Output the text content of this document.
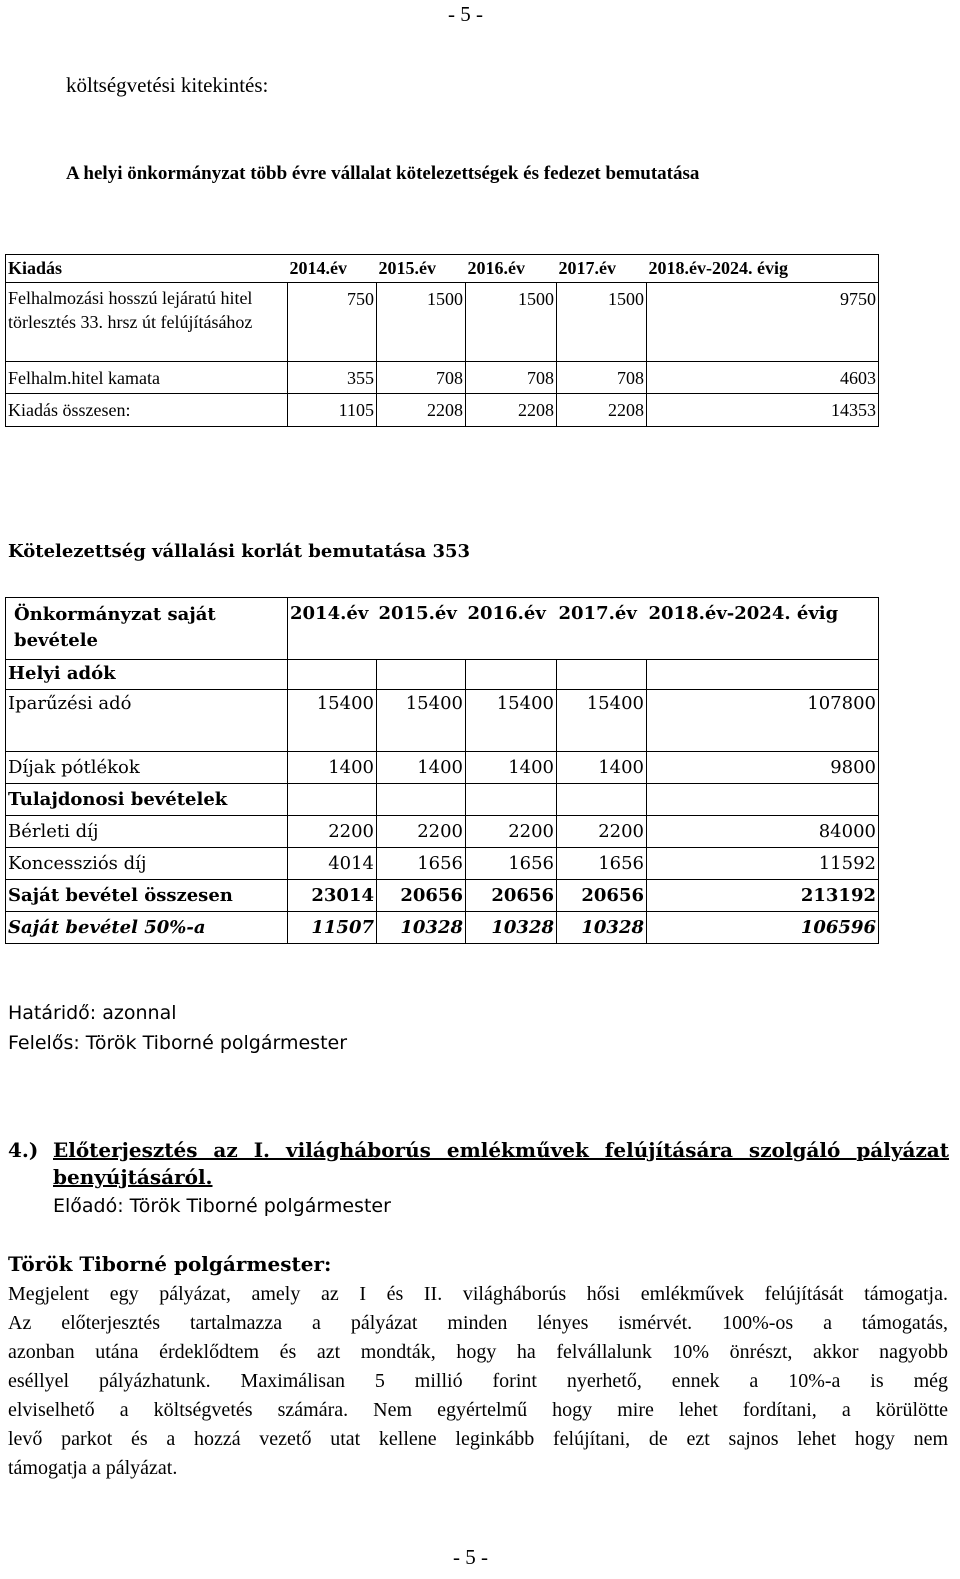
- 5 -
költségvetési kitekintés:
A helyi önkormányzat több évre vállalat kötelezettségek és fedezet bemutatása
Kiadás	2014.év	2015.év	2016.év	2017.év	2018.év-2024. évig
Felhalmozási hosszú lejáratú hitel törlesztés 33. hrsz út felújításához	750	1500	1500	1500	9750
Felhalm.hitel kamata	355	708	708	708	4603
Kiadás összesen:	1105	2208	2208	2208	14353
Kötelezettség vállalási korlát bemutatása 353
Önkormányzat saját bevétele	2014.év	2015.év	2016.év	2017.év	2018.év-2024. évig
Helyi adók					
Iparűzési adó	15400	15400	15400	15400	107800
Díjak pótlékok	1400	1400	1400	1400	9800
Tulajdonosi bevételek					
Bérleti díj	2200	2200	2200	2200	84000
Koncessziós díj	4014	1656	1656	1656	11592
Saját bevétel összesen	23014	20656	20656	20656	213192
Saját bevétel 50%-a	11507	10328	10328	10328	106596
Határidő: azonnal
Felelős: Török Tiborné polgármester
4.) Előterjesztés az I. világháborús emlékművek felújítására szolgáló pályázat
benyújtásáról.
Előadó: Török Tiborné polgármester
Török Tiborné polgármester:
Megjelent egy pályázat, amely az I és II. világháborús hősi emlékművek felújítását támogatja.
Az előterjesztés tartalmazza a pályázat minden lényes ismérvét. 100%-os a támogatás,
azonban utána érdeklődtem és azt mondták, hogy ha felvállalunk 10% önrészt, akkor nagyobb
eséllyel pályázhatunk. Maximálisan 5 millió forint nyerhető, ennek a 10%-a is még
elviselhető a költségvetés számára. Nem egyértelmű hogy mire lehet fordítani, a körülötte
levő parkot és a hozzá vezető utat kellene leginkább felújítani, de ezt sajnos lehet hogy nem
támogatja a pályázat.
- 5 -
